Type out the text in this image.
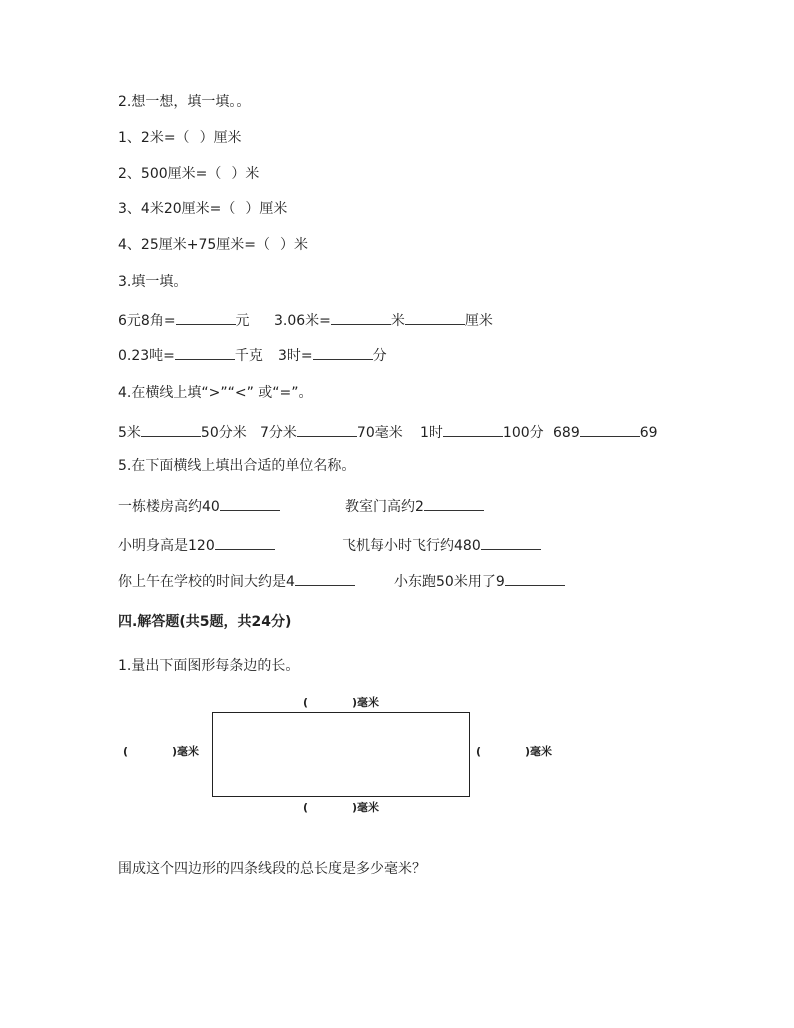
2.想一想，填一填。。
1、2米=（ ）厘米
2、500厘米=（ ）米
3、4米20厘米=（ ）厘米
4、25厘米+75厘米=（ ）米
3.填一填。
6元8角=	元 3.06米=	米	厘米
0.23吨=	千克 3时=	分
4.在横线上填“>”“<” 或“=”。
5米	50分米 7分米	70毫米 1时	100分 689	69
5.在下面横线上填出合适的单位名称。
一栋楼房高约40	教室门高约2
小明身高是120	飞机每小时飞行约480
你上午在学校的时间大约是4	小东跑50米用了9
四.解答题(共5题，共24分)
1.量出下面图形每条边的长。
(	)毫米
(	)毫米	(	)毫米
(	)毫米
围成这个四边形的四条线段的总长度是多少毫米？
